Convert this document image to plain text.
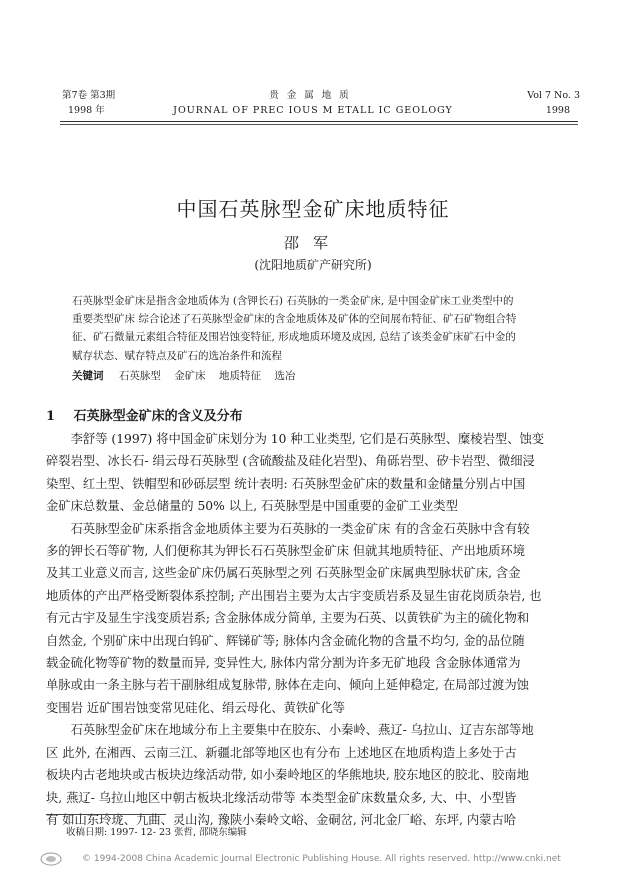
第7卷 第3期
1998 年
贵金属地质
JOURNAL OF PREC IOUS M ETALL IC GEOLOGY
Vol 7 No. 3
1998
中国石英脉型金矿床地质特征
邵军
(沈阳地质矿产研究所)
石英脉型金矿床是指含金地质体为 (含钾长石) 石英脉的一类金矿床, 是中国金矿床工业类型中的
重要类型矿床 综合论述了石英脉型金矿床的含金地质体及矿体的空间展布特征、矿石矿物组合特
征、矿石微量元素组合特征及围岩蚀变特征, 形成地质环境及成因, 总结了该类金矿床矿石中金的
赋存状态、赋存特点及矿石的选冶条件和流程
关键词 石英脉型 金矿床 地质特征 选冶
1 石英脉型金矿床的含义及分布
　　李舒等 (1997) 将中国金矿床划分为 10 种工业类型, 它们是石英脉型、糜棱岩型、蚀变
碎裂岩型、冰长石- 绢云母石英脉型 (含硫酸盐及硅化岩型)、角砾岩型、矽卡岩型、微细浸
染型、红土型、铁帽型和砂砾层型 统计表明: 石英脉型金矿床的数量和金储量分别占中国
金矿床总数量、金总储量的 50% 以上, 石英脉型是中国重要的金矿工业类型
　　石英脉型金矿床系指含金地质体主要为石英脉的一类金矿床 有的含金石英脉中含有较
多的钾长石等矿物, 人们便称其为钾长石石英脉型金矿床 但就其地质特征、产出地质环境
及其工业意义而言, 这些金矿床仍属石英脉型之列 石英脉型金矿床属典型脉状矿床, 含金
地质体的产出严格受断裂体系控制; 产出围岩主要为太古宇变质岩系及显生宙花岗质杂岩, 也
有元古宇及显生宇浅变质岩系; 含金脉体成分简单, 主要为石英、以黄铁矿为主的硫化物和
自然金, 个别矿床中出现白钨矿、辉锑矿等; 脉体内含金硫化物的含量不均匀, 金的品位随
载金硫化物等矿物的数量而异, 变异性大, 脉体内常分割为许多无矿地段 含金脉体通常为
单脉或由一条主脉与若干副脉组成复脉带, 脉体在走向、倾向上延伸稳定, 在局部过渡为蚀
变围岩 近矿围岩蚀变常见硅化、绢云母化、黄铁矿化等
　　石英脉型金矿床在地域分布上主要集中在胶东、小秦岭、燕辽- 乌拉山、辽吉东部等地
区 此外, 在湘西、云南三江、新疆北部等地区也有分布 上述地区在地质构造上多处于古
板块内古老地块或古板块边缘活动带, 如小秦岭地区的华熊地块, 胶东地区的胶北、胶南地
块, 燕辽- 乌拉山地区中朝古板块北缘活动带等 本类型金矿床数量众多, 大、中、小型皆
有 如山东玲珑、九曲、灵山沟, 豫陕小秦岭文峪、金硐岔, 河北金厂峪、东坪, 内蒙古哈
收稿日期: 1997- 12- 23 张哲, 邵晓东编辑
© 1994-2008 China Academic Journal Electronic Publishing House. All rights reserved. http://www.cnki.net
